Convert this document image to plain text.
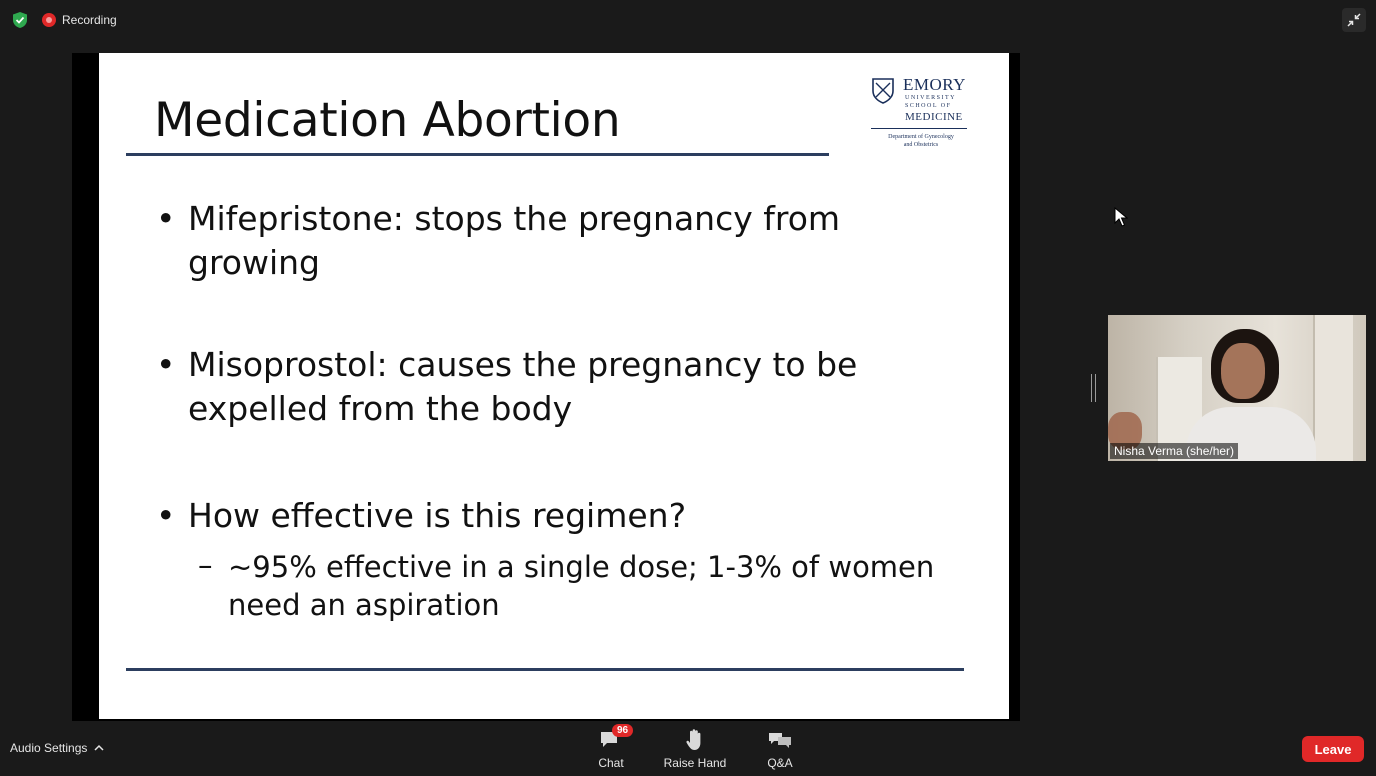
Recording
Medication Abortion
EMORY
UNIVERSITY
SCHOOL OF
MEDICINE
Department of Gynecology
and Obstetrics
• Mifepristone: stops the pregnancy from
growing
• Misoprostol: causes the pregnancy to be
expelled from the body
• How effective is this regimen?
– ~95% effective in a single dose; 1-3% of women
need an aspiration
Nisha Verma (she/her)
Audio Settings
96
Chat	Raise Hand	Q&A
Leave
